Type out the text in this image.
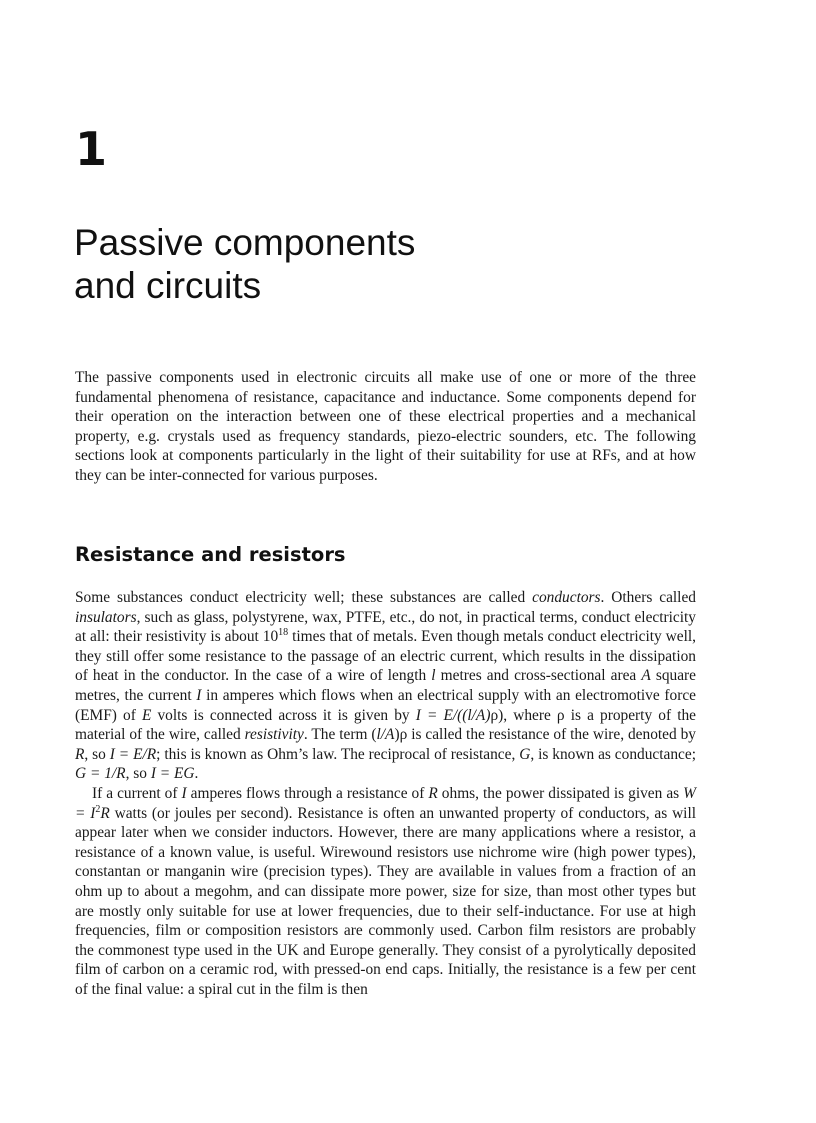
1
Passive components
and circuits

The passive components used in electronic circuits all make use of one or more of the three fundamental phenomena of resistance, capacitance and inductance. Some components depend for their operation on the interaction between one of these electrical properties and a mechanical property, e.g. crystals used as frequency standards, piezo-electric sounders, etc. The following sections look at components particularly in the light of their suitability for use at RFs, and at how they can be inter-connected for various purposes.

Resistance and resistors

Some substances conduct electricity well; these substances are called conductors. Others called insulators, such as glass, polystyrene, wax, PTFE, etc., do not, in practical terms, conduct electricity at all: their resistivity is about $10^{18}$ times that of metals. Even though metals conduct electricity well, they still offer some resistance to the passage of an electric current, which results in the dissipation of heat in the conductor. In the case of a wire of length l metres and cross-sectional area A square metres, the current I in amperes which flows when an electrical supply with an electromotive force (EMF) of E volts is connected across it is given by I = E/((l/A)ρ), where ρ is a property of the material of the wire, called resistivity. The term (l/A)ρ is called the resistance of the wire, denoted by R, so I = E/R; this is known as Ohm’s law. The reciprocal of resistance, G, is known as conductance; G = 1/R, so I = EG.

If a current of I amperes flows through a resistance of R ohms, the power dissipated is given as $W = I^2R$ watts (or joules per second). Resistance is often an unwanted property of conductors, as will appear later when we consider inductors. However, there are many applications where a resistor, a resistance of a known value, is useful. Wirewound resistors use nichrome wire (high power types), constantan or manganin wire (precision types). They are available in values from a fraction of an ohm up to about a megohm, and can dissipate more power, size for size, than most other types but are mostly only suitable for use at lower frequencies, due to their self-inductance. For use at high frequencies, film or composition resistors are commonly used. Carbon film resistors are probably the commonest type used in the UK and Europe generally. They consist of a pyrolytically deposited film of carbon on a ceramic rod, with pressed-on end caps. Initially, the resistance is a few per cent of the final value: a spiral cut in the film is then
